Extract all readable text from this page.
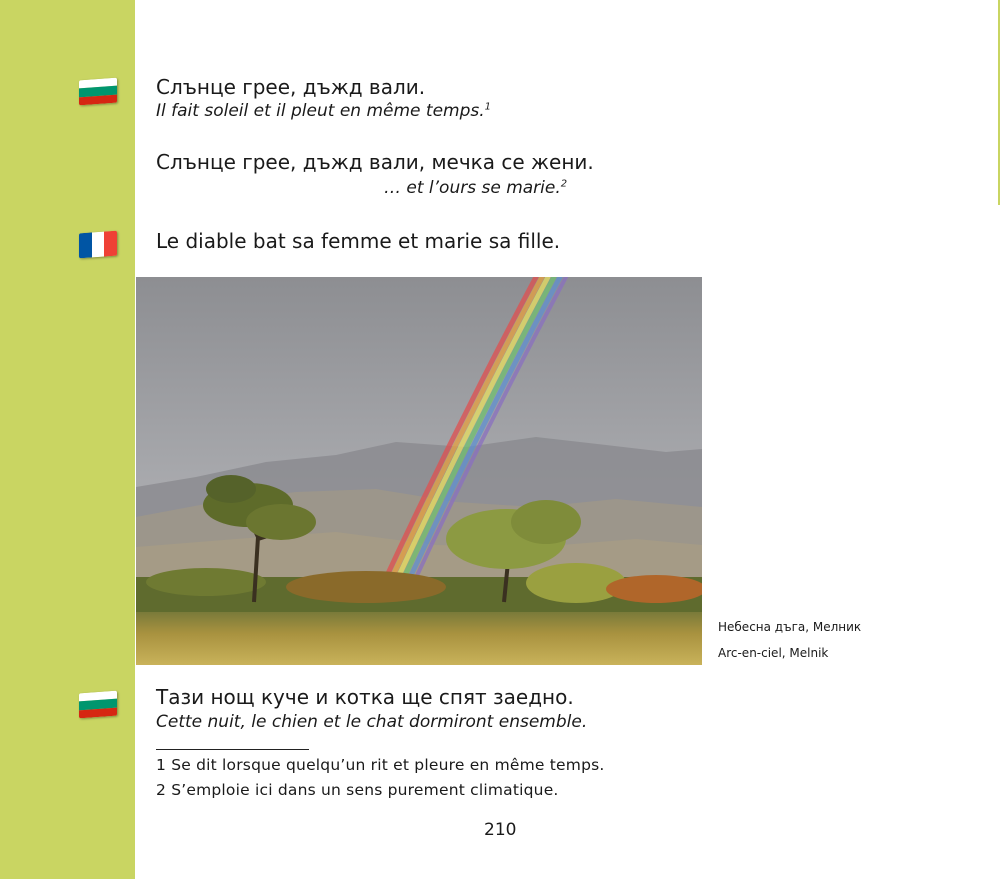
Слънце грее, дъжд вали.
Il fait soleil et il pleut en même temps.$^1$
Слънце грее, дъжд вали, мечка се жени.
… et l’ours se marie.$^2$
Le diable bat sa femme et marie sa fille.
Небесна дъга, Мелник
Arc-en-ciel, Melnik
Тази нощ куче и котка ще спят заедно.
Cette nuit, le chien et le chat dormiront ensemble.
1 Se dit lorsque quelqu’un rit et pleure en même temps.
2 S’emploie ici dans un sens purement climatique.
210
